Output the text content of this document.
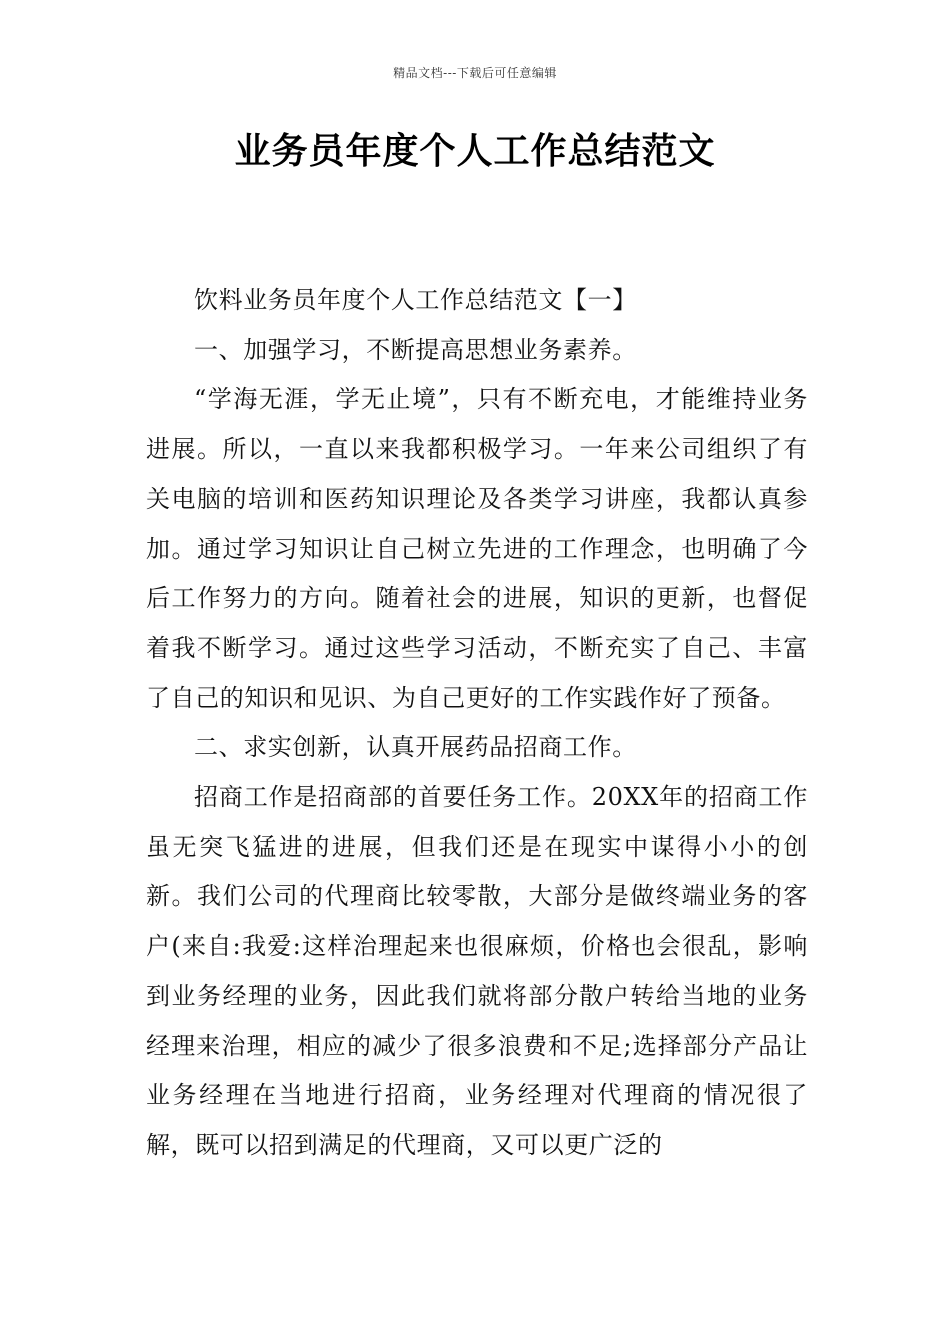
精品文档---下载后可任意编辑
业务员年度个人工作总结范文

饮料业务员年度个人工作总结范文【一】

一、加强学习，不断提高思想业务素养。

“学海无涯，学无止境”，只有不断充电，才能维持业务进展。所以，一直以来我都积极学习。一年来公司组织了有关电脑的培训和医药知识理论及各类学习讲座，我都认真参加。通过学习知识让自己树立先进的工作理念，也明确了今后工作努力的方向。随着社会的进展，知识的更新，也督促着我不断学习。通过这些学习活动，不断充实了自己、丰富了自己的知识和见识、为自己更好的工作实践作好了预备。

二、求实创新，认真开展药品招商工作。

招商工作是招商部的首要任务工作。20XX年的招商工作虽无突飞猛进的进展，但我们还是在现实中谋得小小的创新。我们公司的代理商比较零散，大部分是做终端业务的客户(来自:我爱:这样治理起来也很麻烦，价格也会很乱，影响到业务经理的业务，因此我们就将部分散户转给当地的业务经理来治理，相应的减少了很多浪费和不足;选择部分产品让业务经理在当地进行招商，业务经理对代理商的情况很了解，既可以招到满足的代理商，又可以更广泛的
